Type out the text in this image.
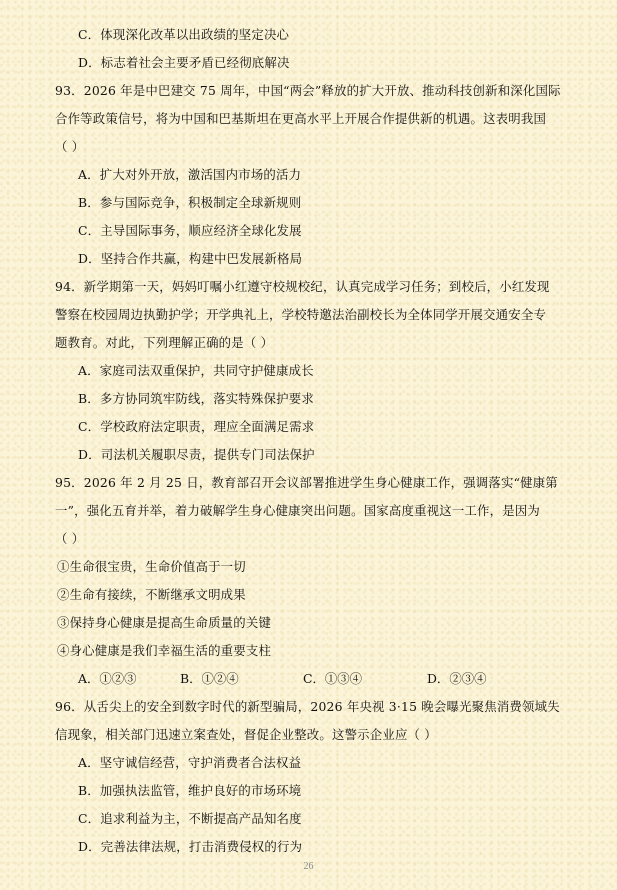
C．体现深化改革以出政绩的坚定决心
D．标志着社会主要矛盾已经彻底解决
93．2026 年是中巴建交 75 周年，中国“两会”释放的扩大开放、推动科技创新和深化国际
合作等政策信号，将为中国和巴基斯坦在更高水平上开展合作提供新的机遇。这表明我国
（ ）
A．扩大对外开放，激活国内市场的活力
B．参与国际竞争，积极制定全球新规则
C．主导国际事务，顺应经济全球化发展
D．坚持合作共赢，构建中巴发展新格局
94．新学期第一天，妈妈叮嘱小红遵守校规校纪，认真完成学习任务；到校后，小红发现
警察在校园周边执勤护学；开学典礼上，学校特邀法治副校长为全体同学开展交通安全专
题教育。对此，下列理解正确的是（ ）
A．家庭司法双重保护，共同守护健康成长
B．多方协同筑牢防线，落实特殊保护要求
C．学校政府法定职责，理应全面满足需求
D．司法机关履职尽责，提供专门司法保护
95．2026 年 2 月 25 日，教育部召开会议部署推进学生身心健康工作，强调落实“健康第
一”，强化五育并举，着力破解学生身心健康突出问题。国家高度重视这一工作，是因为
（ ）
①生命很宝贵，生命价值高于一切
②生命有接续，不断继承文明成果
③保持身心健康是提高生命质量的关键
④身心健康是我们幸福生活的重要支柱
A．①②③	B．①②④	C．①③④	D．②③④
96．从舌尖上的安全到数字时代的新型骗局，2026 年央视 3·15 晚会曝光聚焦消费领域失
信现象，相关部门迅速立案查处，督促企业整改。这警示企业应（ ）
A．坚守诚信经营，守护消费者合法权益
B．加强执法监管，维护良好的市场环境
C．追求利益为主，不断提高产品知名度
D．完善法律法规，打击消费侵权的行为
26
